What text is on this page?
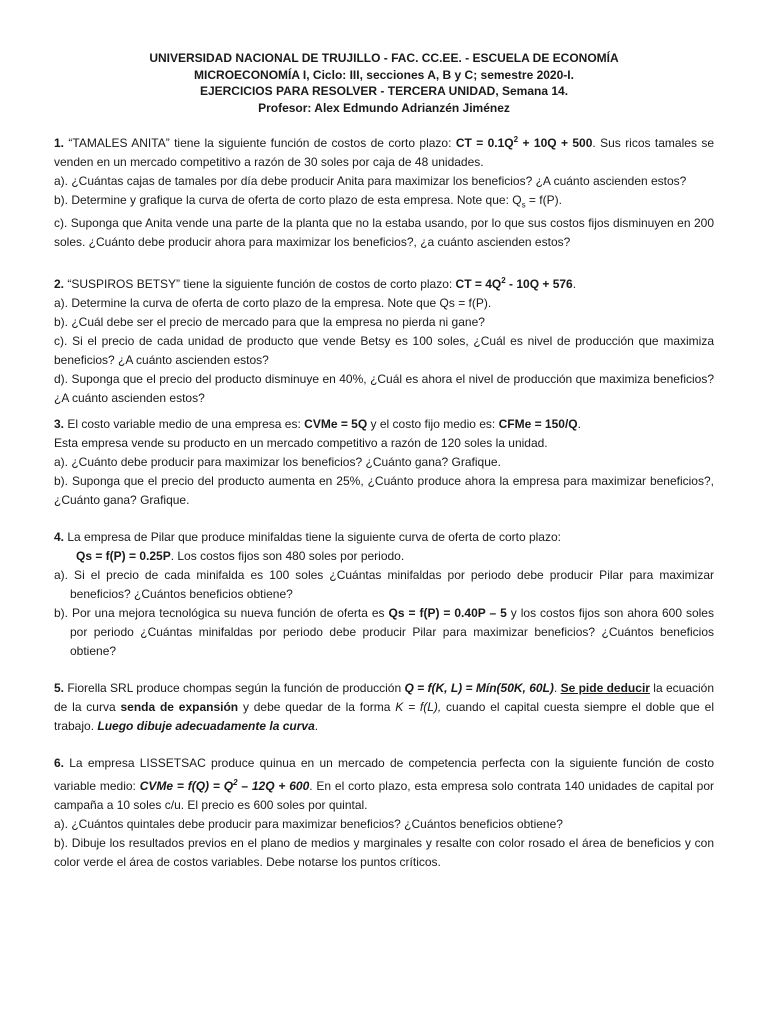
UNIVERSIDAD NACIONAL DE TRUJILLO - FAC. CC.EE. - ESCUELA DE ECONOMÍA
MICROECONOMÍA I, Ciclo: III, secciones A, B y C; semestre 2020-I.
EJERCICIOS PARA RESOLVER - TERCERA UNIDAD, Semana 14.
Profesor: Alex Edmundo Adrianzén Jiménez

1. “TAMALES ANITA” tiene la siguiente función de costos de corto plazo: CT = $0.1Q^2 + 10Q + 500$. Sus ricos tamales se venden en un mercado competitivo a razón de 30 soles por caja de 48 unidades.

a). ¿Cuántas cajas de tamales por día debe producir Anita para maximizar los beneficios? ¿A cuánto ascienden estos?

b). Determine y grafique la curva de oferta de corto plazo de esta empresa. Note que: $Q_s = f(P)$.

c). Suponga que Anita vende una parte de la planta que no la estaba usando, por lo que sus costos fijos disminuyen en 200 soles. ¿Cuánto debe producir ahora para maximizar los beneficios?, ¿a cuánto ascienden estos?

2. “SUSPIROS BETSY” tiene la siguiente función de costos de corto plazo: CT = $4Q^2 - 10Q + 576$.

a). Determine la curva de oferta de corto plazo de la empresa. Note que Qs = f(P).

b). ¿Cuál debe ser el precio de mercado para que la empresa no pierda ni gane?

c). Si el precio de cada unidad de producto que vende Betsy es 100 soles, ¿Cuál es nivel de producción que maximiza beneficios? ¿A cuánto ascienden estos?

d). Suponga que el precio del producto disminuye en 40%, ¿Cuál es ahora el nivel de producción que maximiza beneficios? ¿A cuánto ascienden estos?

3. El costo variable medio de una empresa es: CVMe = 5Q y el costo fijo medio es: CFMe = 150/Q.

Esta empresa vende su producto en un mercado competitivo a razón de 120 soles la unidad.

a). ¿Cuánto debe producir para maximizar los beneficios? ¿Cuánto gana? Grafique.

b). Suponga que el precio del producto aumenta en 25%, ¿Cuánto produce ahora la empresa para maximizar beneficios?, ¿Cuánto gana? Grafique.

4. La empresa de Pilar que produce minifaldas tiene la siguiente curva de oferta de corto plazo:

Qs = f(P) = 0.25P. Los costos fijos son 480 soles por periodo.

a). Si el precio de cada minifalda es 100 soles ¿Cuántas minifaldas por periodo debe producir Pilar para maximizar beneficios? ¿Cuántos beneficios obtiene?

b). Por una mejora tecnológica su nueva función de oferta es Qs = f(P) = 0.40P – 5 y los costos fijos son ahora 600 soles por periodo ¿Cuántas minifaldas por periodo debe producir Pilar para maximizar beneficios? ¿Cuántos beneficios obtiene?

5. Fiorella SRL produce chompas según la función de producción Q = f(K, L) = Mín(50K, 60L). Se pide deducir la ecuación de la curva senda de expansión y debe quedar de la forma K = f(L), cuando el capital cuesta siempre el doble que el trabajo. Luego dibuje adecuadamente la curva.

6. La empresa LISSETSAC produce quinua en un mercado de competencia perfecta con la siguiente función de costo variable medio: CVMe = $f(Q) = Q^2 - 12Q + 600$. En el corto plazo, esta empresa solo contrata 140 unidades de capital por campaña a 10 soles c/u. El precio es 600 soles por quintal.

a). ¿Cuántos quintales debe producir para maximizar beneficios? ¿Cuántos beneficios obtiene?

b). Dibuje los resultados previos en el plano de medios y marginales y resalte con color rosado el área de beneficios y con color verde el área de costos variables. Debe notarse los puntos críticos.
